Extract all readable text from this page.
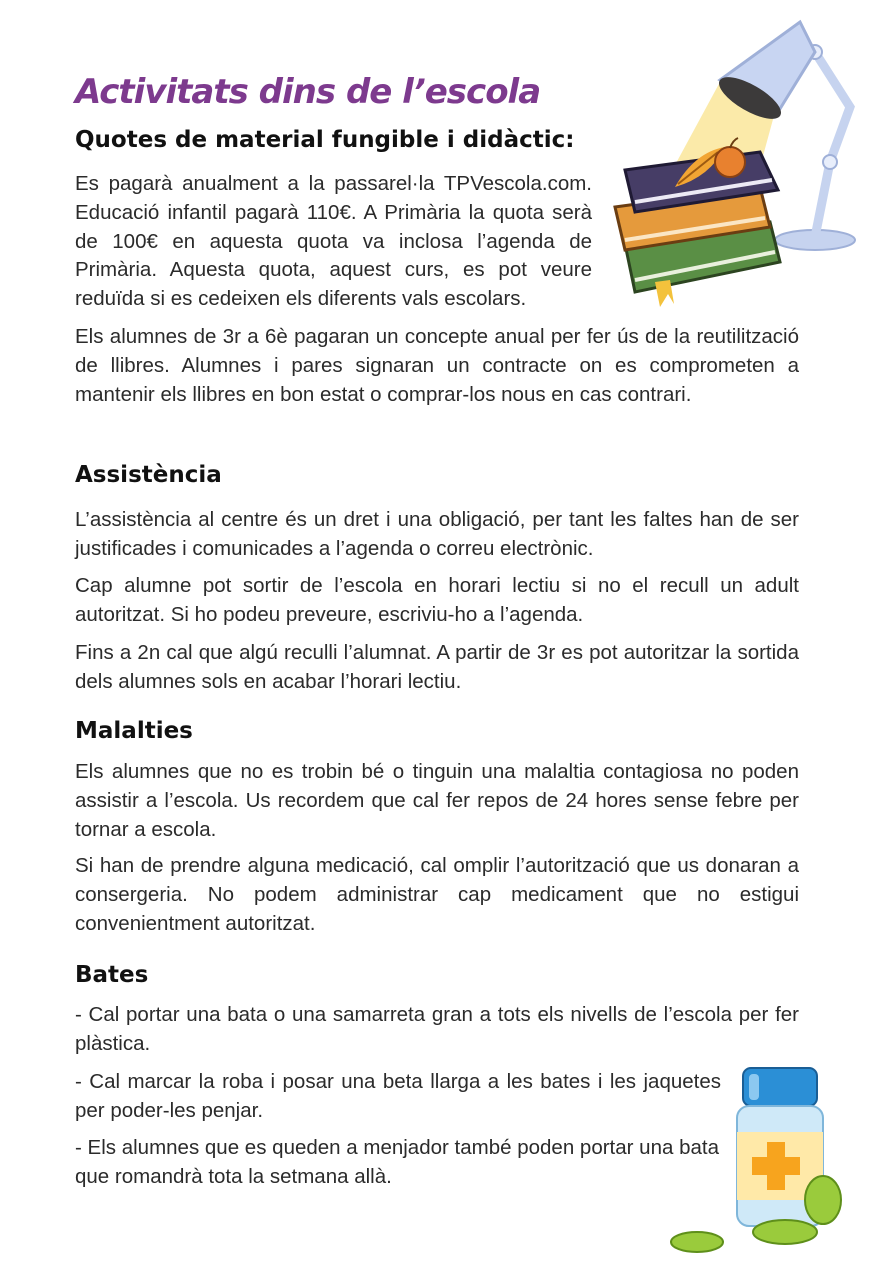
Activitats dins de l’escola
Quotes de material fungible i didàctic:

Es pagarà anualment a la passarel·la TPVescola.com. Educació infantil pagarà 110€. A Primària la quota serà de 100€ en aquesta quota va inclosa l’agenda de Primària. Aquesta quota, aquest curs, es pot veure reduïda si es cedeixen els diferents vals escolars.

Els alumnes de 3r a 6è pagaran un concepte anual per fer ús de la reutilització de llibres. Alumnes i pares signaran un contracte on es comprometen a mantenir els llibres en bon estat o comprar-los nous en cas contrari.

Assistència

L’assistència al centre és un dret i una obligació, per tant les faltes han de ser justificades i comunicades a l’agenda o correu electrònic.

Cap alumne pot sortir de l’escola en horari lectiu si no el recull un adult autoritzat. Si ho podeu preveure, escriviu-ho a l’agenda.

Fins a 2n cal que algú reculli l’alumnat. A partir de 3r es pot autoritzar la sortida dels alumnes sols en acabar l’horari lectiu.

Malalties

Els alumnes que no es trobin bé o tinguin una malaltia contagiosa no poden assistir a l’escola. Us recordem que cal fer repos de 24 hores sense febre per tornar a escola.

Si han de prendre alguna medicació, cal omplir l’autorització que us donaran a consergeria. No podem administrar cap medicament que no estigui convenientment autoritzat.

Bates

- Cal portar una bata o una samarreta gran a tots els nivells de l’escola per fer plàstica.

- Cal marcar la roba i posar una beta llarga a les bates i les jaquetes per poder-les penjar.

- Els alumnes que es queden a menjador també poden portar una bata que romandrà tota la setmana allà.
